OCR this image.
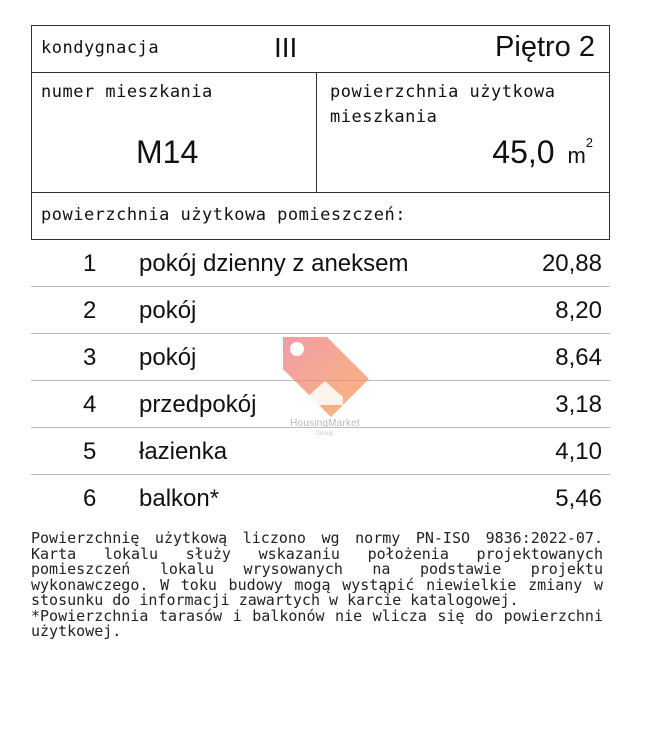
kondygnacja	III	Piętro 2
numer mieszkania
M14
powierzchnia użytkowa
mieszkania
45,0 $m^2$
powierzchnia użytkowa pomieszczeń:
1 pokój dzienny z aneksem	20,88
2 pokój	8,20
3 pokój	8,64
4 przedpokój	3,18
5 łazienka	4,10
6 balkon*	5,46
HousingMarket
Group

Powierzchnię użytkową liczono wg normy PN-ISO 9836:2022-07. Karta lokalu służy wskazaniu położenia projektowanych pomieszczeń lokalu wrysowanych na podstawie projektu wykonawczego. W toku budowy mogą wystąpić niewielkie zmiany w stosunku do informacji zawartych w karcie katalogowej.

*Powierzchnia tarasów i balkonów nie wlicza się do powierzchni użytkowej.
